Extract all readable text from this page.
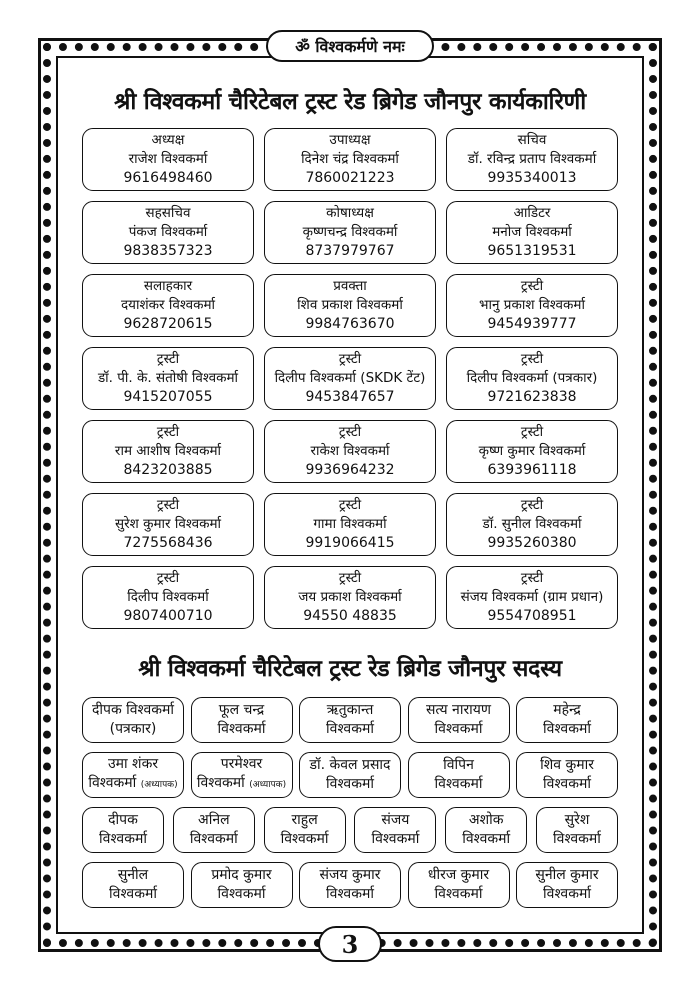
ॐ विश्वकर्मणे नमः
श्री विश्वकर्मा चैरिटेबल ट्रस्ट रेड ब्रिगेड जौनपुर कार्यकारिणी
अध्यक्ष
राजेश विश्वकर्मा
9616498460
उपाध्यक्ष
दिनेश चंद्र विश्वकर्मा
7860021223
सचिव
डॉ. रविन्द्र प्रताप विश्वकर्मा
9935340013
सहसचिव
पंकज विश्वकर्मा
9838357323
कोषाध्यक्ष
कृष्णचन्द्र विश्वकर्मा
8737979767
आडिटर
मनोज विश्वकर्मा
9651319531
सलाहकार
दयाशंकर विश्वकर्मा
9628720615
प्रवक्ता
शिव प्रकाश विश्वकर्मा
9984763670
ट्रस्टी
भानु प्रकाश विश्वकर्मा
9454939777
ट्रस्टी
डॉ. पी. के. संतोषी विश्वकर्मा
9415207055
ट्रस्टी
दिलीप विश्वकर्मा (SKDK टेंट)
9453847657
ट्रस्टी
दिलीप विश्वकर्मा (पत्रकार)
9721623838
ट्रस्टी
राम आशीष विश्वकर्मा
8423203885
ट्रस्टी
राकेश विश्वकर्मा
9936964232
ट्रस्टी
कृष्ण कुमार विश्वकर्मा
6393961118
ट्रस्टी
सुरेश कुमार विश्वकर्मा
7275568436
ट्रस्टी
गामा विश्वकर्मा
9919066415
ट्रस्टी
डॉ. सुनील विश्वकर्मा
9935260380
ट्रस्टी
दिलीप विश्वकर्मा
9807400710
ट्रस्टी
जय प्रकाश विश्वकर्मा
94550 48835
ट्रस्टी
संजय विश्वकर्मा (ग्राम प्रधान)
9554708951
श्री विश्वकर्मा चैरिटेबल ट्रस्ट रेड ब्रिगेड जौनपुर सदस्य
दीपक विश्वकर्मा
(पत्रकार)
फूल चन्द्र
विश्वकर्मा
ऋतुकान्त
विश्वकर्मा
सत्य नारायण
विश्वकर्मा
महेन्द्र
विश्वकर्मा
उमा शंकर
विश्वकर्मा (अध्यापक)
परमेश्वर
विश्वकर्मा (अध्यापक)
डॉ. केवल प्रसाद
विश्वकर्मा
विपिन
विश्वकर्मा
शिव कुमार
विश्वकर्मा
दीपक
विश्वकर्मा
अनिल
विश्वकर्मा
राहुल
विश्वकर्मा
संजय
विश्वकर्मा
अशोक
विश्वकर्मा
सुरेश
विश्वकर्मा
सुनील
विश्वकर्मा
प्रमोद कुमार
विश्वकर्मा
संजय कुमार
विश्वकर्मा
धीरज कुमार
विश्वकर्मा
सुनील कुमार
विश्वकर्मा
3
